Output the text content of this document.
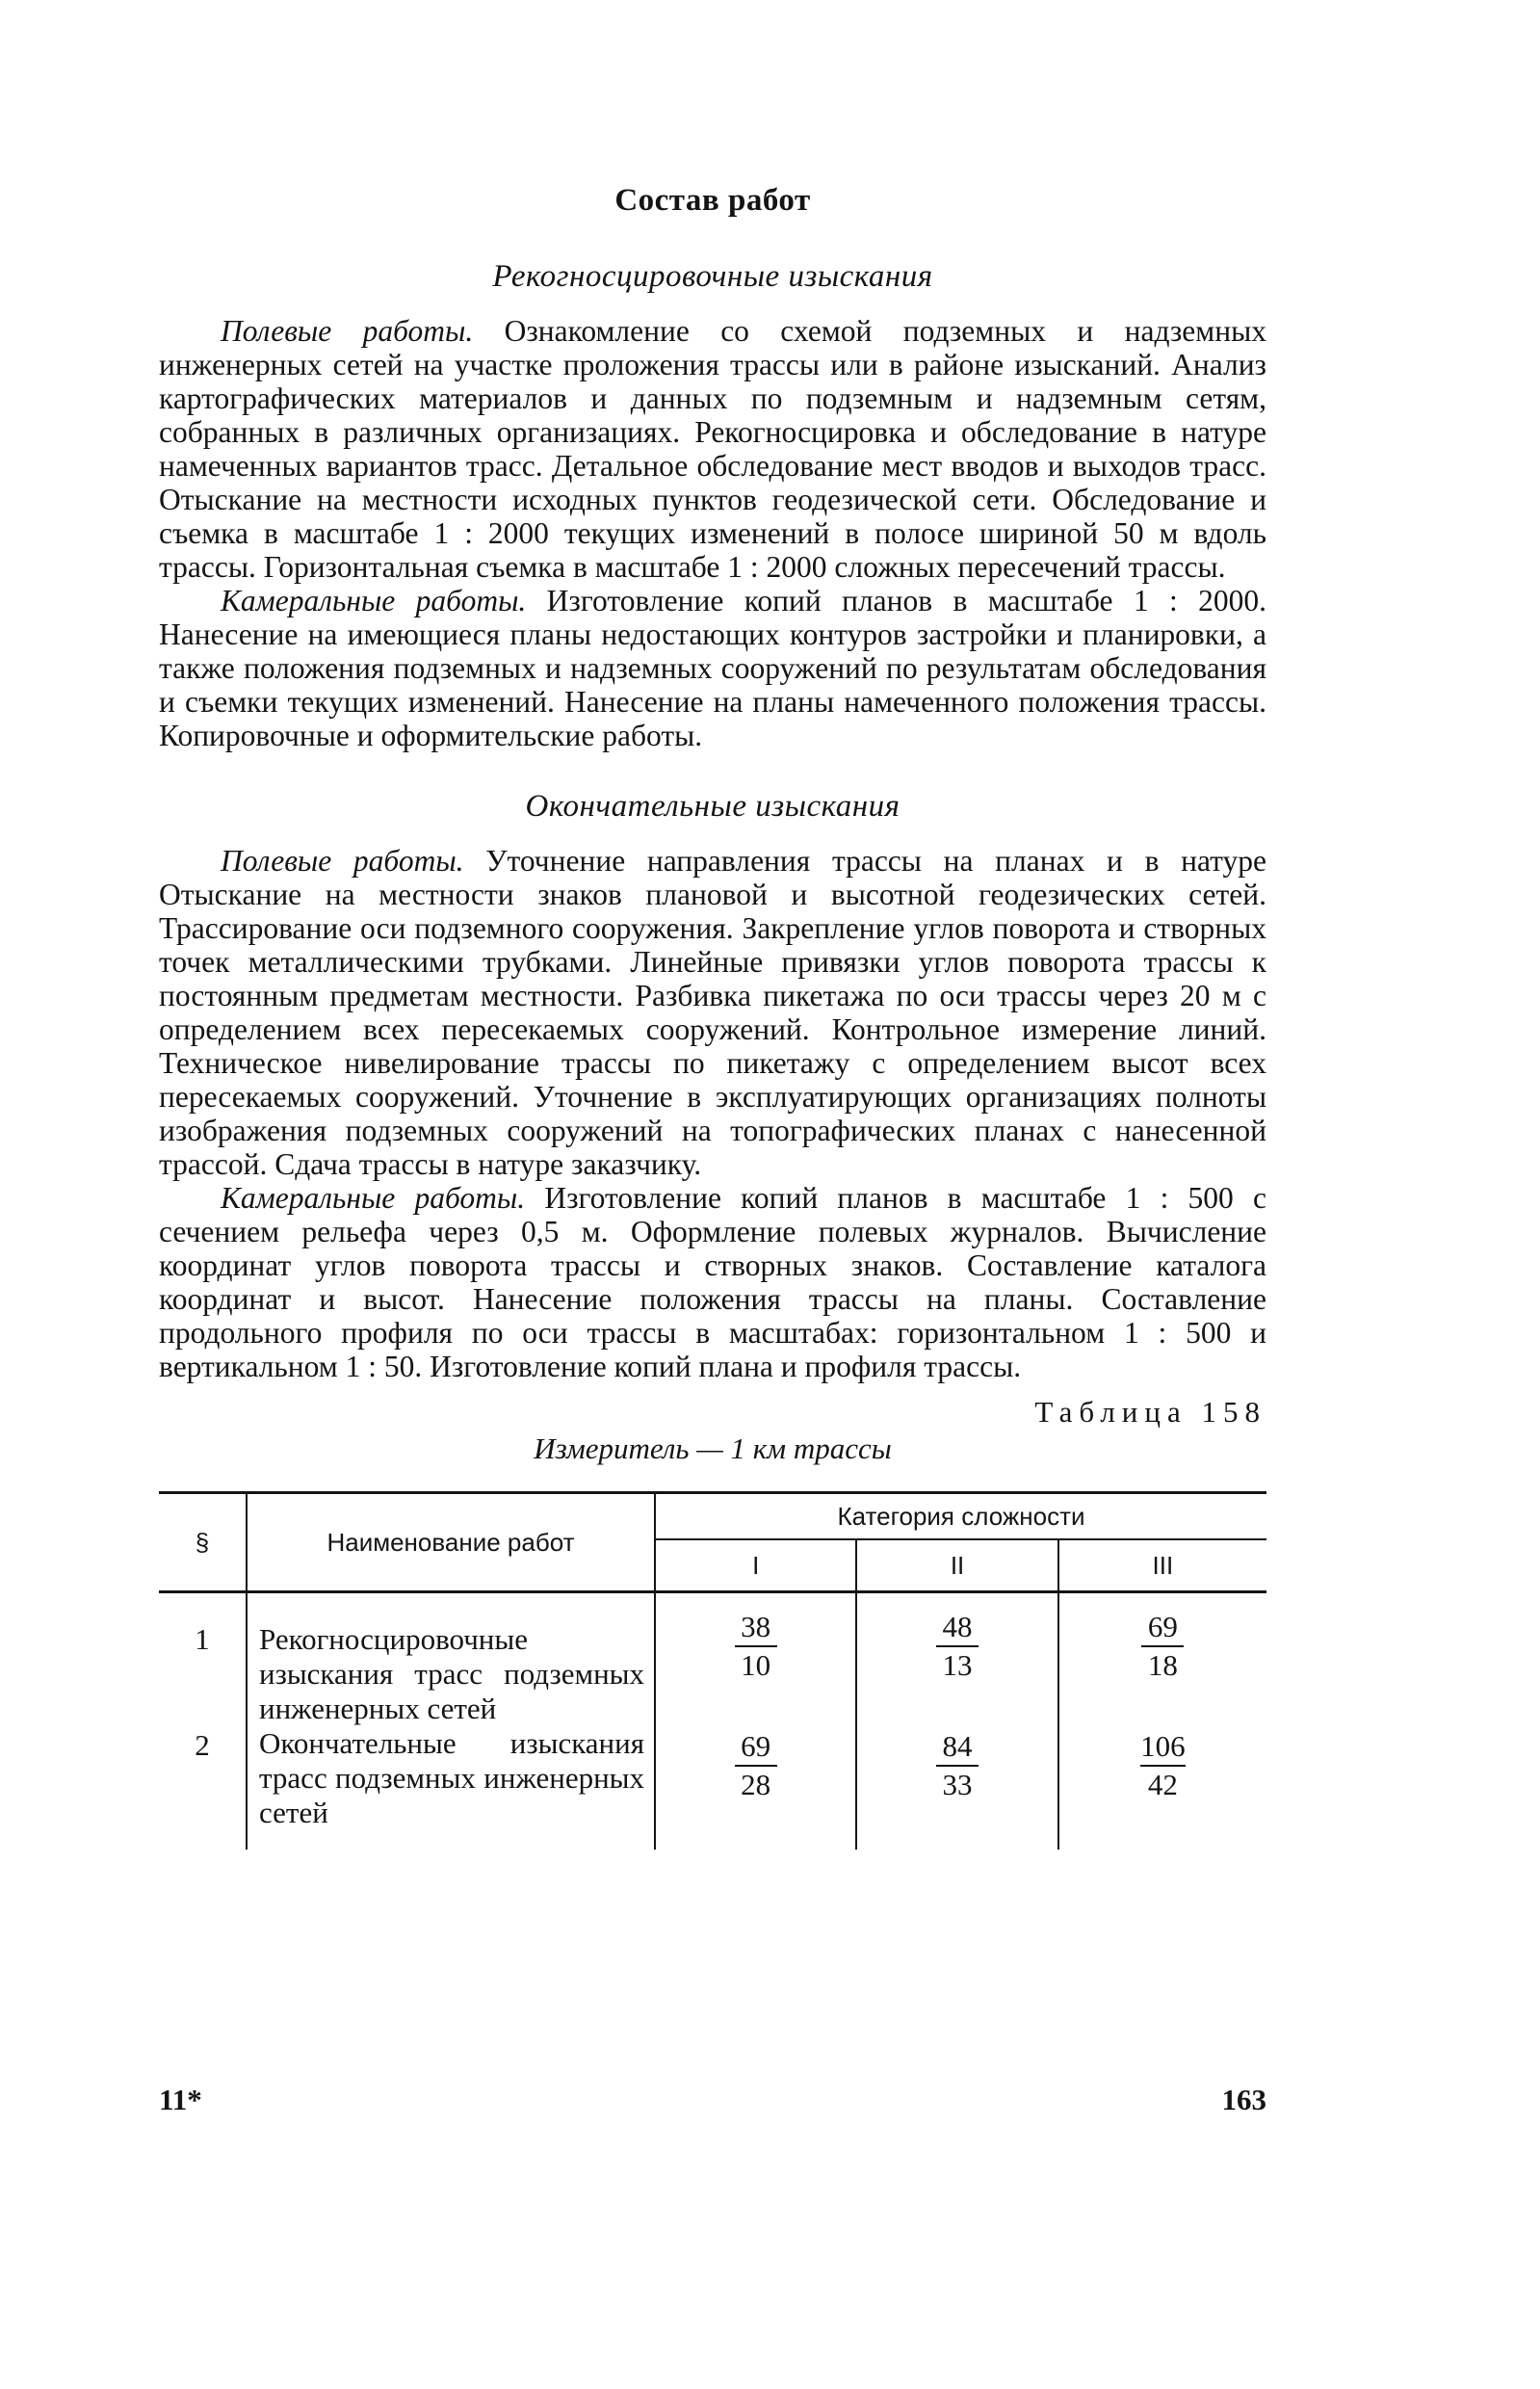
Состав работ
Рекогносцировочные изыскания

Полевые работы. Ознакомление со схемой подземных и надземных инженерных сетей на участке проложения трассы или в районе изысканий. Анализ картографических материалов и данных по подземным и надземным сетям, собранных в различных организациях. Рекогносцировка и обследование в натуре намеченных вариантов трасс. Детальное обследование мест вводов и выходов трасс. Отыскание на местности исходных пунктов геодезической сети. Обследование и съемка в масштабе 1 : 2000 текущих изменений в полосе шириной 50 м вдоль трассы. Горизонтальная съемка в масштабе 1 : 2000 сложных пересечений трассы.

Камеральные работы. Изготовление копий планов в масштабе 1 : 2000. Нанесение на имеющиеся планы недостающих контуров застройки и планировки, а также положения подземных и надземных сооружений по результатам обследования и съемки текущих изменений. Нанесение на планы намеченного положения трассы. Копировочные и оформительские работы.

Окончательные изыскания

Полевые работы. Уточнение направления трассы на планах и в натуре Отыскание на местности знаков плановой и высотной геодезических сетей. Трассирование оси подземного сооружения. Закрепление углов поворота и створных точек металлическими трубками. Линейные привязки углов поворота трассы к постоянным предметам местности. Разбивка пикетажа по оси трассы через 20 м с определением всех пересекаемых сооружений. Контрольное измерение линий. Техническое нивелирование трассы по пикетажу с определением высот всех пересекаемых сооружений. Уточнение в эксплуатирующих организациях полноты изображения подземных сооружений на топографических планах с нанесенной трассой. Сдача трассы в натуре заказчику.

Камеральные работы. Изготовление копий планов в масштабе 1 : 500 с сечением рельефа через 0,5 м. Оформление полевых журналов. Вычисление координат углов поворота трассы и створных знаков. Составление каталога координат и высот. Нанесение положения трассы на планы. Составление продольного профиля по оси трассы в масштабах: горизонтальном 1 : 500 и вертикальном 1 : 50. Изготовление копий плана и профиля трассы.

Таблица 158
Измеритель — 1 км трассы
§	Наименование работ	Категория сложности		
		I	II	III
1	Рекогносцировочные изыскания трасс подземных инженерных сетей	$\frac{38}{10}$	$\frac{48}{13}$	$\frac{69}{18}$

2	Окончательные изыскания трасс подземных инженерных сетей	$\frac{69}{28}$	$\frac{84}{33}$	$\frac{106}{42}$
11*	163
